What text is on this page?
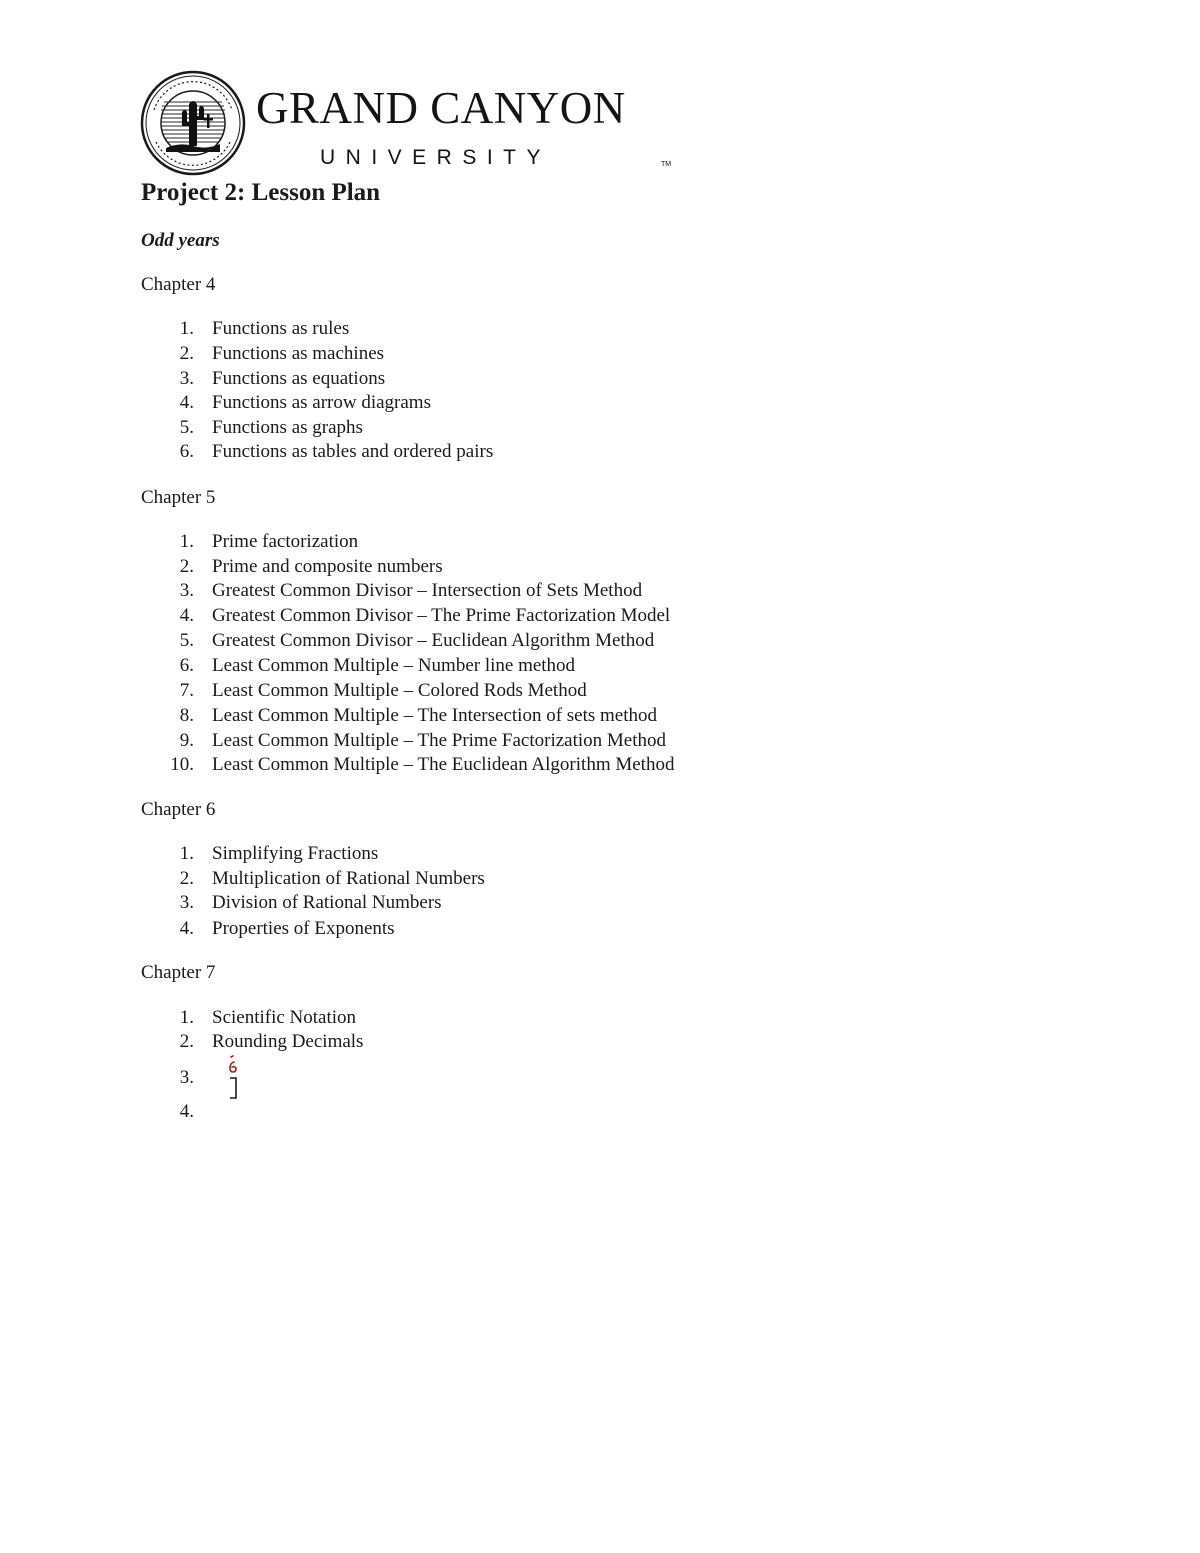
GRAND CANYON
UNIVERSITY	TM
Project 2: Lesson Plan
Odd years
Chapter 4
1. Functions as rules
2. Functions as machines
3. Functions as equations
4. Functions as arrow diagrams
5. Functions as graphs
6. Functions as tables and ordered pairs
Chapter 5
1. Prime factorization
2. Prime and composite numbers
3. Greatest Common Divisor – Intersection of Sets Method
4. Greatest Common Divisor – The Prime Factorization Model
5. Greatest Common Divisor – Euclidean Algorithm Method
6. Least Common Multiple – Number line method
7. Least Common Multiple – Colored Rods Method
8. Least Common Multiple – The Intersection of sets method
9. Least Common Multiple – The Prime Factorization Method
10. Least Common Multiple – The Euclidean Algorithm Method
Chapter 6
1. Simplifying Fractions
2. Multiplication of Rational Numbers
3. Division of Rational Numbers
4. Properties of Exponents
Chapter 7
1. Scientific Notation
2. Rounding Decimals
3.
4.
